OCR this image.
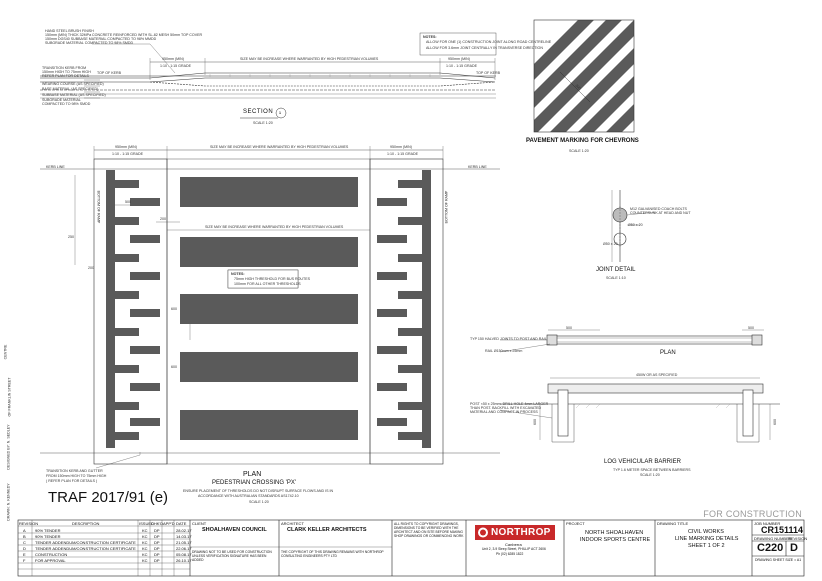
HAND STEEL BRUSH FINISH
150mm (MIN) THICK 32MPa CONCRETE REINFORCED WITH SL-82 MESH 50mm TOP COVER
150mm DGS40 SUBBASE MATERIAL COMPACTED TO 98% MMDD
SUBGRADE MATERIAL COMPACTED TO 98% SMDD
TRANSITION KERB FROM
150mm HIGH TO 75mm HIGH
REFER PLAN FOR DETAILS
WEARING COURSE (AS SPECIFIED)
BASE MATERIAL (AS SPECIFIED)
SUBBASE MATERIAL (AS SPECIFIED)
SUBGRADE MATERIAL
COMPACTED TO 98% SMDD
NOTES:
ALLOW FOR ONE (1) CONSTRUCTION JOINT ALONG ROAD CENTRELINE
ALLOW FOR 3.6mm JOINT CENTRALLY IN TRANSVERSE DIRECTION
950mm (MIN)
1:10 - 1:15 GRADE
950mm (MIN)
1:10 - 1:15 GRADE
SIZE MAY BE INCREASE WHERE WARRANTED BY HIGH PEDESTRIAN VOLUMES
TOP OF KERB	TOP OF KERB
SECTION 1
SCALE 1:20
300
PAVEMENT MARKING FOR CHEVRONS
SCALE 1:20
950mm (MIN)
1:10 - 1:15 GRADE
950mm (MIN)
1:10 - 1:15 GRADE
SIZE MAY BE INCREASE WHERE WARRANTED BY HIGH PEDESTRIAN VOLUMES
SIZE MAY BE INCREASE WHERE WARRANTED BY HIGH PEDESTRIAN VOLUMES
KERB LINE	KERB LINE
BOTTOM OF RAMP	BOTTOM OF RAMP
NOTES:
75mm HIGH THRESHOLD FOR BUS ROUTES
100mm FOR ALL OTHER THRESHOLDS
500
250
200
200
600
600
TRANSITION KERB AND GUTTER
FROM 150mm HIGH TO 75mm HIGH
( REFER PLAN FOR DETAILS )
PLAN
PEDESTRIAN CROSSING 'PX'
ENSURE PLACEMENT OF THRESHOLDS DO NOT DISRUPT SURFACE FLOWS AND IS IN
ACCORDANCE WITH AUSTRALIAN STANDARDS AS1742.10
SCALE 1:20
CENTRE
OF FRANKLIN STREET
DESIGNED BY: N. SEDLEY
DRAWN: N. KENNEDY TRAF 2017/91 (e)
FOR CONSTRUCTION
M12 GALVANISED COACH BOLTS
COUNTERSUNK AT HEAD AND NUT
Ø50 x 20
Ø50 x 20
JOINT DETAIL
SCALE 1:10
TYP 150 HALVED JOINTS TO POST AND RAIL
RAIL Ø150mm x 25mm
500	500
PLAN
450W OR AS SPECIFIED
POST ×50 x 25mm. DRILL HOLE 4mm LARGER
THAN POST. BACKFILL WITH EXCAVATED
MATERIAL AND COMPACT IN PROCESS
600	600
LOG VEHICULAR BARRIER
TYP 1.6 METER SPACE BETWEEN BARRIERS
SCALE 1:20
REVISION	DESCRIPTION	ISSUED
CHK'D APP'D DATE
A 90% TENDER	KC DP	28.02.17
B 90% TENDER	KC DP	14.03.17
C TENDER ADDENDUM/CONSTRUCTION CERTIFICATE KC DP	21.05.17
D TENDER ADDENDUM/CONSTRUCTION CERTIFICATE KC DP	22.06.17
E CONSTRUCTION	KC DP	05.08.17
F FOR APPROVAL	KC DP	26.10.17
CLIENT
SHOALHAVEN COUNCIL
ARCHITECT
CLARK KELLER ARCHITECTS
DRAWING NOT TO BE USED FOR CONSTRUCTION UNLESS VERIFICATION SIGNATURE HAS BEEN ADDED
THE COPYRIGHT OF THIS DRAWING REMAINS WITH NORTHROP CONSULTING ENGINEERS PTY LTD
ALL RIGHTS TO COPYRIGHT DRAWINGS, DIMENSIONS TO BE VERIFIED WITH THE ARCHITECT AND ON SITE BEFORE MAKING SHOP DRAWINGS OR COMMENCING WORK	NORTHROP
Canberra
Unit 2, 3-9 Sleep Street, PHILLIP ACT 2606
Ph (02) 6285 1822
PROJECT
NORTH SHOALHAVEN
INDOOR SPORTS CENTRE
DRAWING TITLE
CIVIL WORKS
LINE MARKING DETAILS
SHEET 1 OF 2
JOB NUMBER
CR151114
DRAWING NUMBER
REVISION
C220 D
DRAWING SHEET SIZE = A1
